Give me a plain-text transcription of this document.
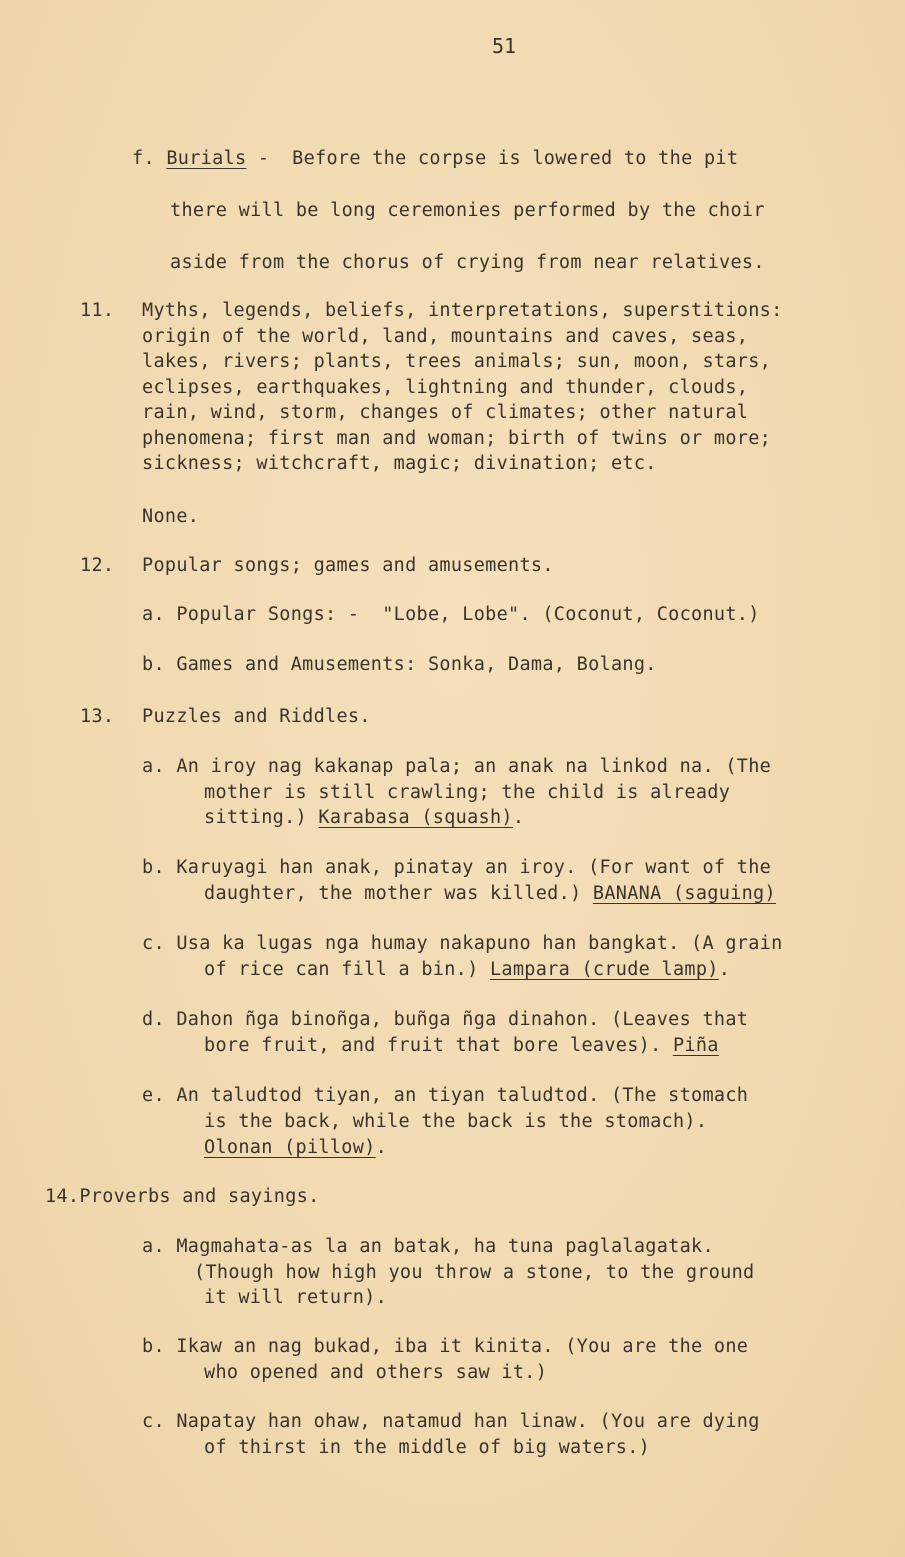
51
f. Burials -  Before the corpse is lowered to the pit
there will be long ceremonies performed by the choir
aside from the chorus of crying from near relatives.
11. Myths, legends, beliefs, interpretations, superstitions:
origin of the world, land, mountains and caves, seas,
lakes, rivers; plants, trees animals; sun, moon, stars,
eclipses, earthquakes, lightning and thunder, clouds,
rain, wind, storm, changes of climates; other natural
phenomena; first man and woman; birth of twins or more;
sickness; witchcraft, magic; divination; etc.
None.
12. Popular songs; games and amusements.
a. Popular Songs: -  "Lobe, Lobe". (Coconut, Coconut.)
b. Games and Amusements: Sonka, Dama, Bolang.
13. Puzzles and Riddles.
a. An iroy nag kakanap pala; an anak na linkod na. (The
mother is still crawling; the child is already
sitting.) Karabasa (squash).
b. Karuyagi han anak, pinatay an iroy. (For want of the
daughter, the mother was killed.) BANANA (saguing)
c. Usa ka lugas nga humay nakapuno han bangkat. (A grain
of rice can fill a bin.) Lampara (crude lamp).
d. Dahon ñga binoñga, buñga ñga dinahon. (Leaves that
bore fruit, and fruit that bore leaves). Piña
e. An taludtod tiyan, an tiyan taludtod. (The stomach
is the back, while the back is the stomach).
Olonan (pillow).
14.Proverbs and sayings.
a. Magmahata-as la an batak, ha tuna paglalagatak.
(Though how high you throw a stone, to the ground
it will return).
b. Ikaw an nag bukad, iba it kinita. (You are the one
who opened and others saw it.)
c. Napatay han ohaw, natamud han linaw. (You are dying
of thirst in the middle of big waters.)
